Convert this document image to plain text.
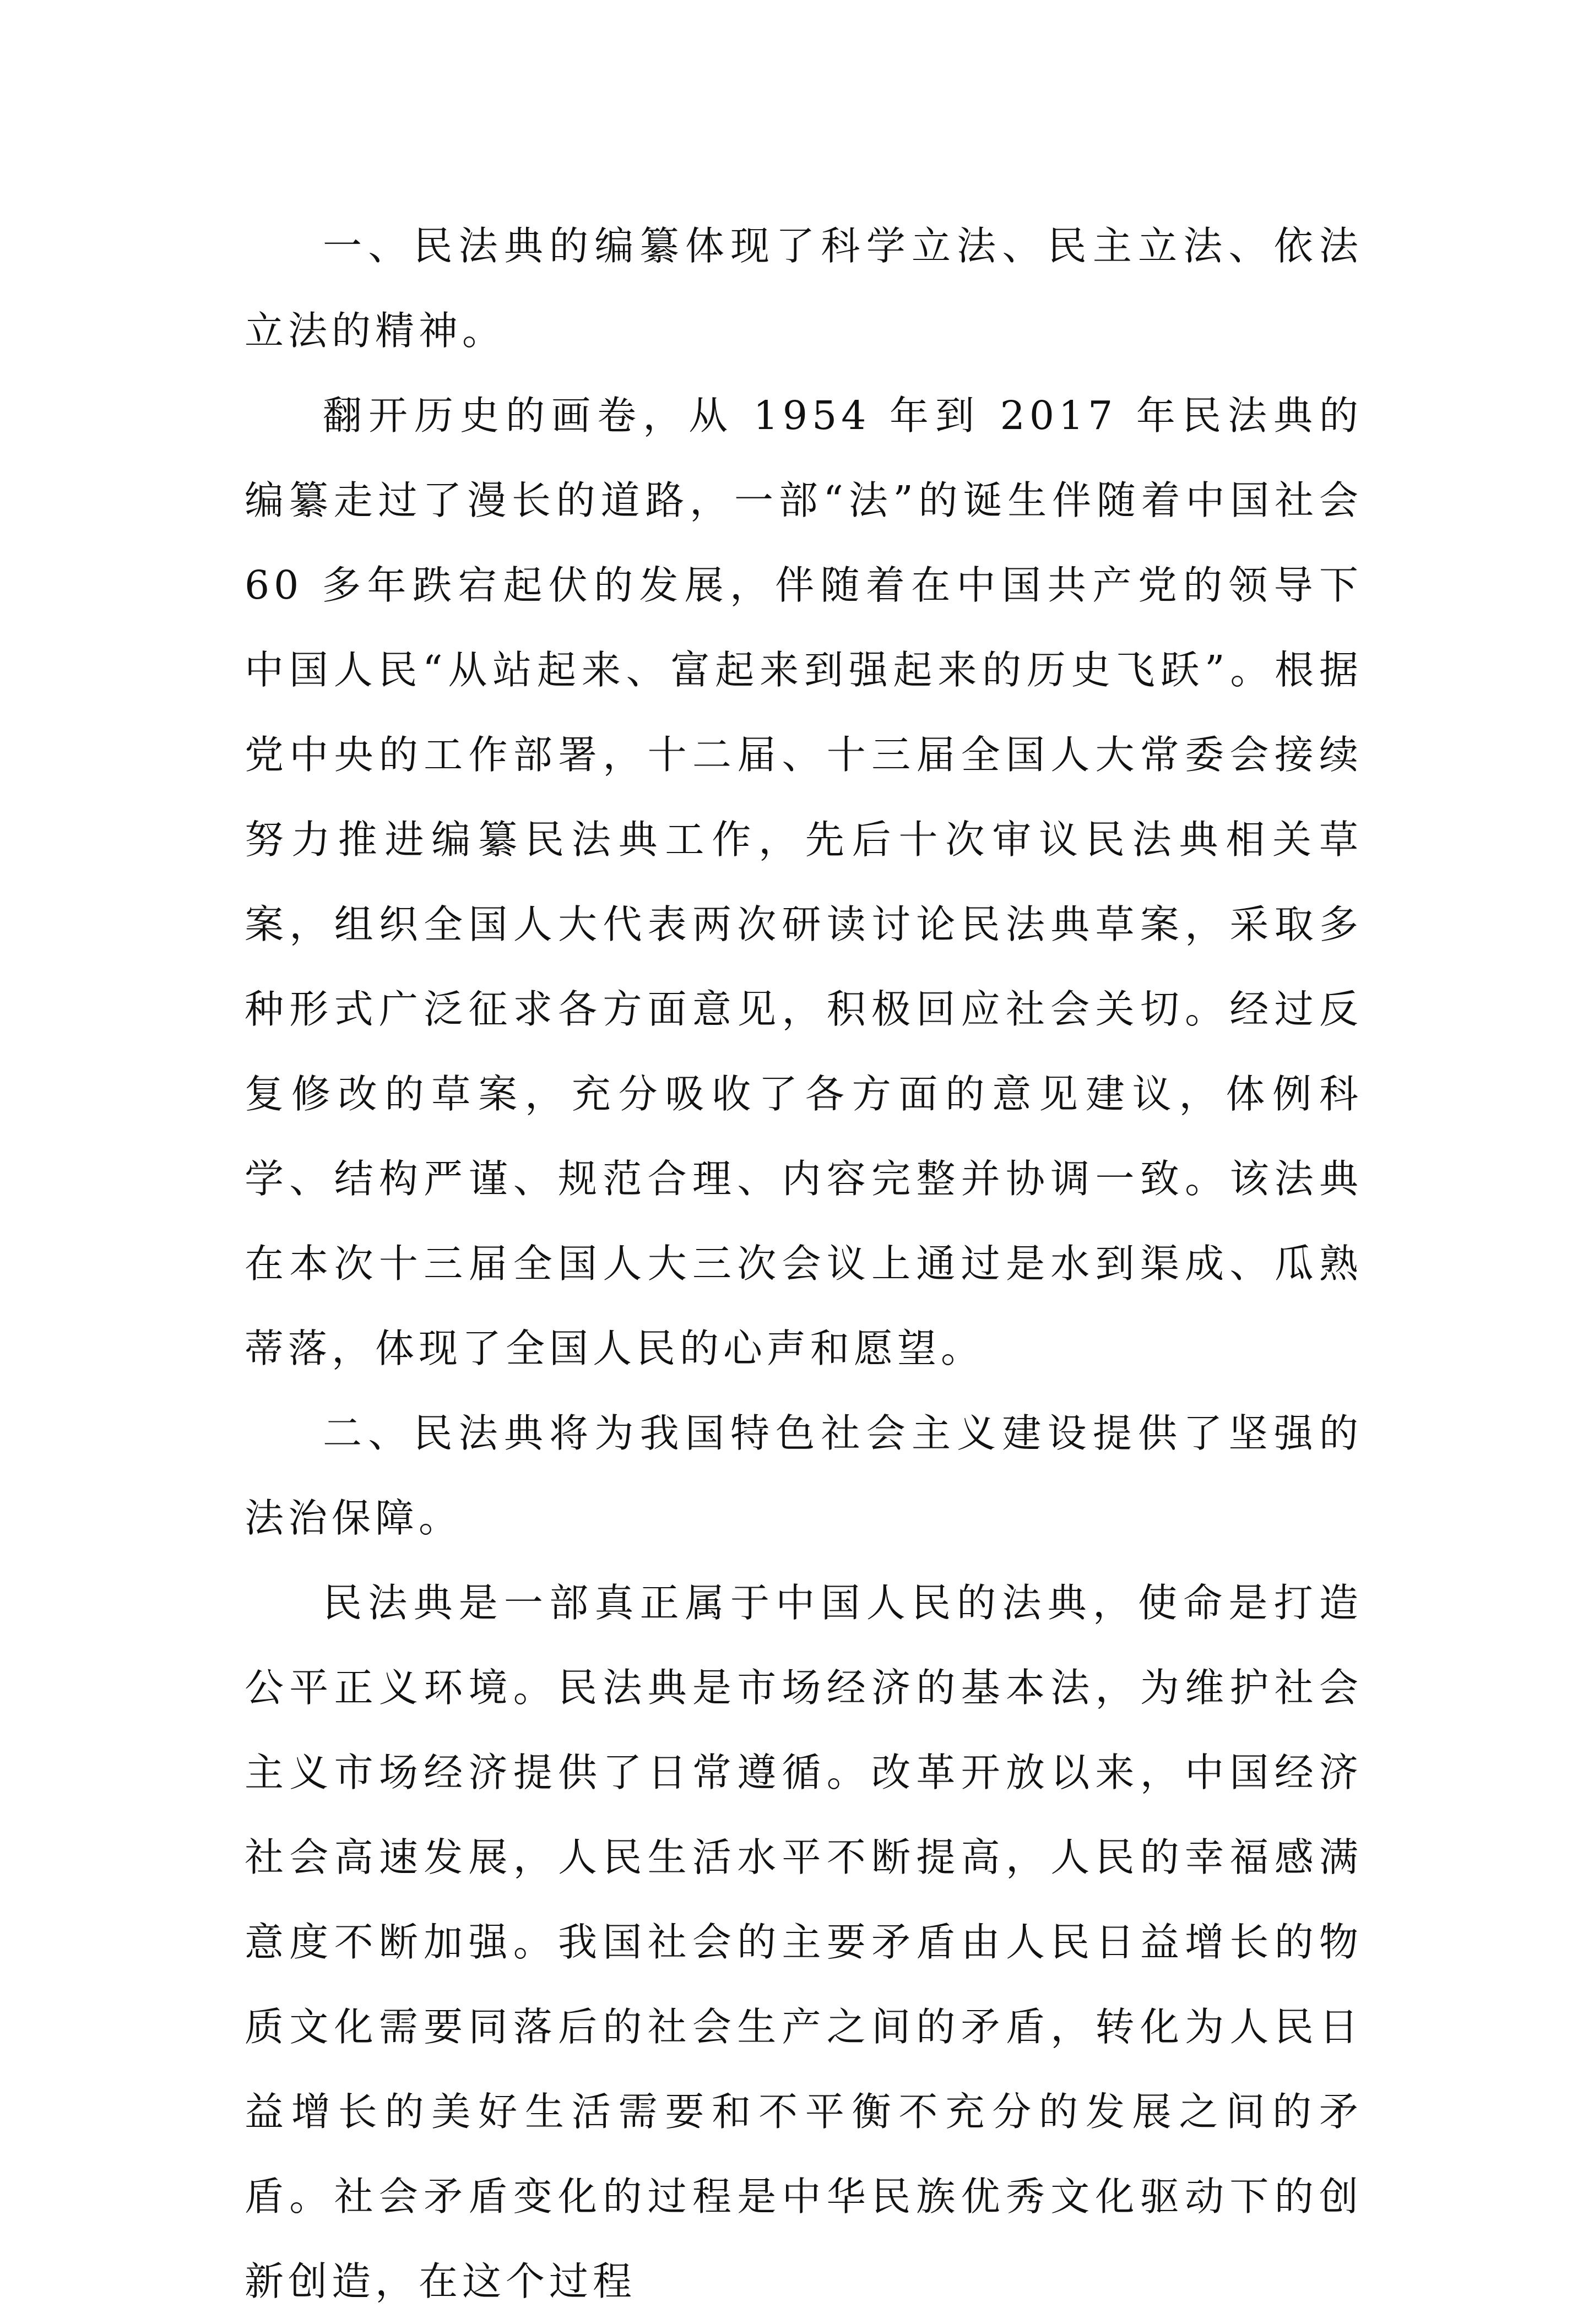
一、民法典的编纂体现了科学立法、民主立法、依法立法的精神。

翻开历史的画卷，从 1954 年到 2017 年民法典的编纂走过了漫长的道路，一部“法”的诞生伴随着中国社会 60 多年跌宕起伏的发展，伴随着在中国共产党的领导下中国人民“从站起来、富起来到强起来的历史飞跃”。根据党中央的工作部署，十二届、十三届全国人大常委会接续努力推进编纂民法典工作，先后十次审议民法典相关草案，组织全国人大代表两次研读讨论民法典草案，采取多种形式广泛征求各方面意见，积极回应社会关切。经过反复修改的草案，充分吸收了各方面的意见建议，体例科学、结构严谨、规范合理、内容完整并协调一致。该法典在本次十三届全国人大三次会议上通过是水到渠成、瓜熟蒂落，体现了全国人民的心声和愿望。

二、民法典将为我国特色社会主义建设提供了坚强的法治保障。

民法典是一部真正属于中国人民的法典，使命是打造公平正义环境。民法典是市场经济的基本法，为维护社会主义市场经济提供了日常遵循。改革开放以来，中国经济社会高速发展，人民生活水平不断提高，人民的幸福感满意度不断加强。我国社会的主要矛盾由人民日益增长的物质文化需要同落后的社会生产之间的矛盾，转化为人民日益增长的美好生活需要和不平衡不充分的发展之间的矛盾。社会矛盾变化的过程是中华民族优秀文化驱动下的创新创造，在这个过程
